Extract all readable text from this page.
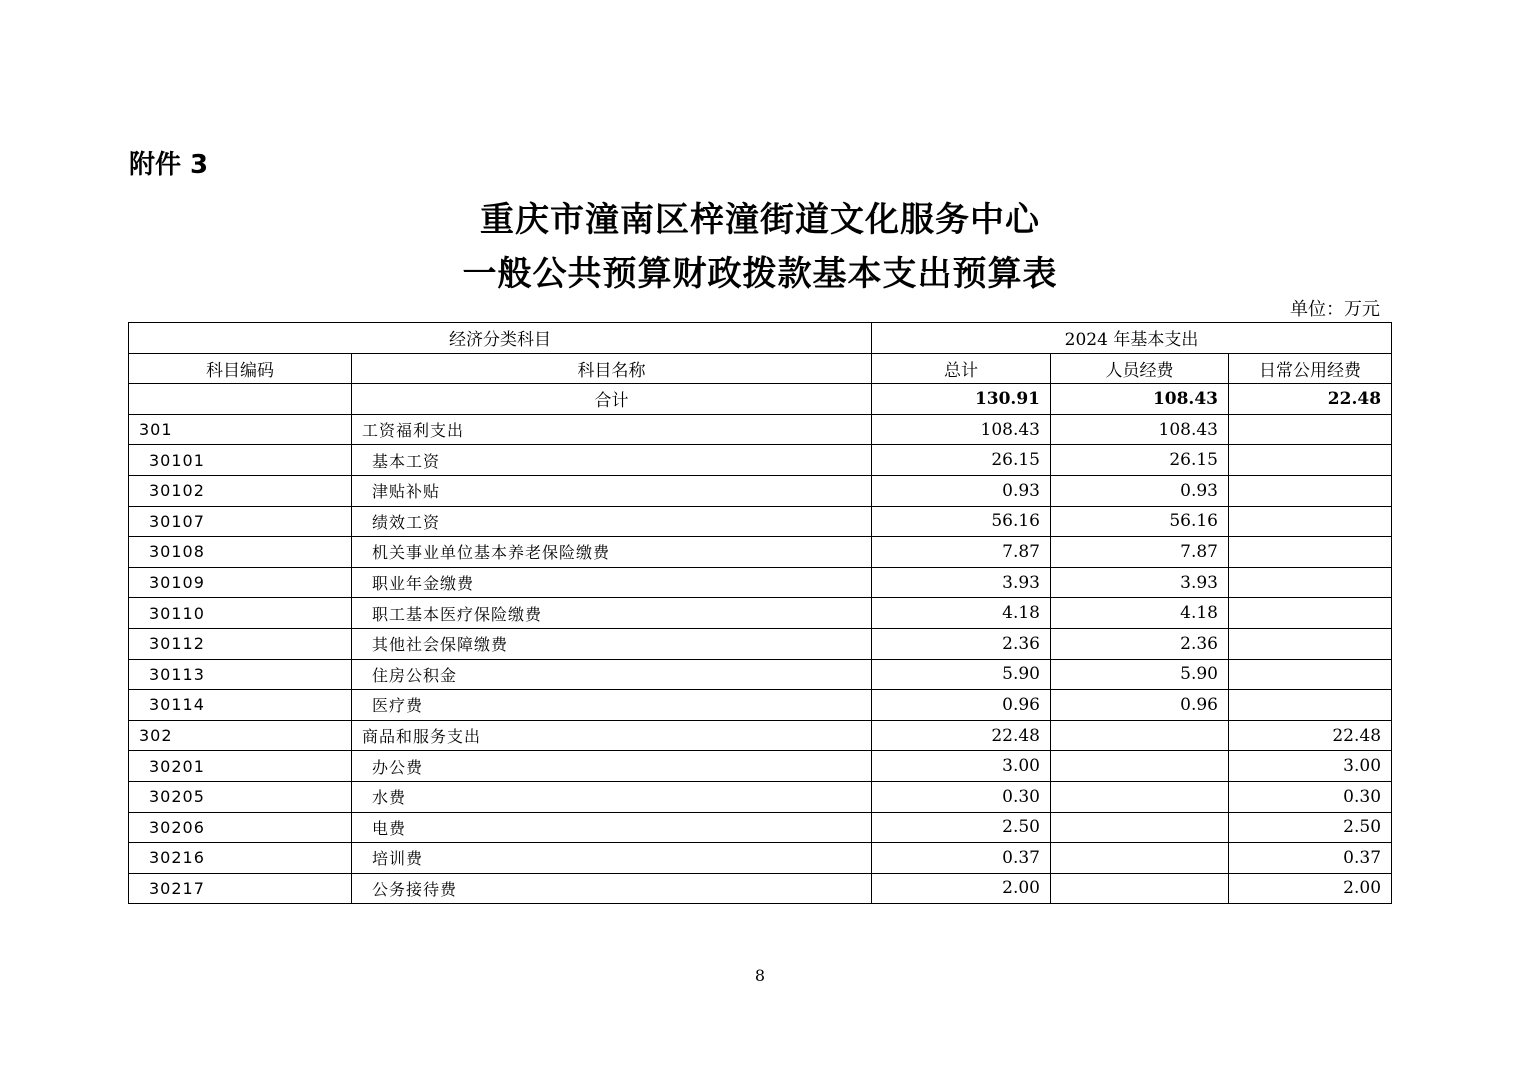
附件 3
重庆市潼南区梓潼街道文化服务中心
一般公共预算财政拨款基本支出预算表
单位：万元
经济分类科目		2024 年基本支出		
科目编码	科目名称	总计	人员经费	日常公用经费
	合计	130.91	108.43	22.48
301	工资福利支出	108.43	108.43	
30101	基本工资	26.15	26.15	
30102	津贴补贴	0.93	0.93	
30107	绩效工资	56.16	56.16	
30108	机关事业单位基本养老保险缴费	7.87	7.87	
30109	职业年金缴费	3.93	3.93	
30110	职工基本医疗保险缴费	4.18	4.18	
30112	其他社会保障缴费	2.36	2.36	
30113	住房公积金	5.90	5.90	
30114	医疗费	0.96	0.96	
302	商品和服务支出	22.48		22.48
30201	办公费	3.00		3.00
30205	水费	0.30		0.30
30206	电费	2.50		2.50
30216	培训费	0.37		0.37
30217	公务接待费	2.00		2.00
8
